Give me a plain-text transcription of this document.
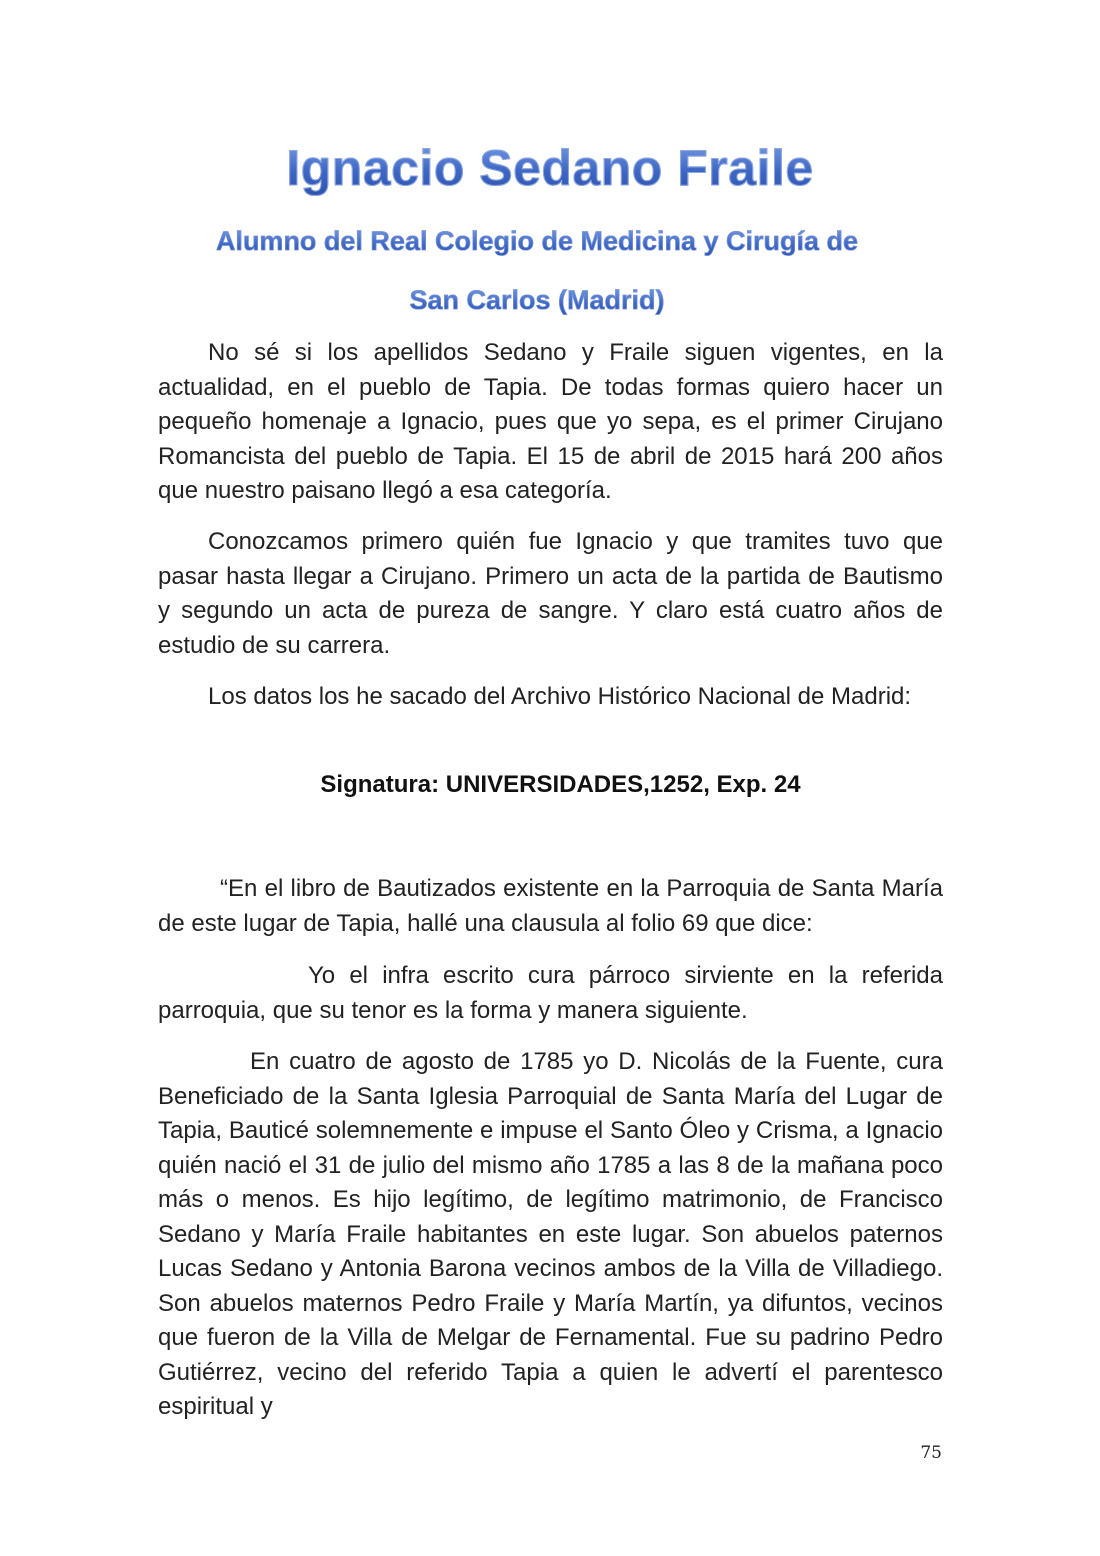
Ignacio Sedano Fraile
Alumno del Real Colegio de Medicina y Cirugía de
San Carlos (Madrid)

No sé si los apellidos Sedano y Fraile siguen vigentes, en la actualidad, en el pueblo de Tapia. De todas formas quiero hacer un pequeño homenaje a Ignacio, pues que yo sepa, es el primer Cirujano Romancista del pueblo de Tapia. El 15 de abril de 2015 hará 200 años que nuestro paisano llegó a esa categoría.

Conozcamos primero quién fue Ignacio y que tramites tuvo que pasar hasta llegar a Cirujano. Primero un acta de la partida de Bautismo y segundo un acta de pureza de sangre. Y claro está cuatro años de estudio de su carrera.

Los datos los he sacado del Archivo Histórico Nacional de Madrid:

Signatura: UNIVERSIDADES,1252, Exp. 24

“En el libro de Bautizados existente en la Parroquia de Santa María de este lugar de Tapia, hallé una clausula al folio 69 que dice:

Yo el infra escrito cura párroco sirviente en la referida parroquia, que su tenor es la forma y manera siguiente.

En cuatro de agosto de 1785 yo D. Nicolás de la Fuente, cura Beneficiado de la Santa Iglesia Parroquial de Santa María del Lugar de Tapia, Bauticé solemnemente e impuse el Santo Óleo y Crisma, a Ignacio quién nació el 31 de julio del mismo año 1785 a las 8 de la mañana poco más o menos. Es hijo legítimo, de legítimo matrimonio, de Francisco Sedano y María Fraile habitantes en este lugar. Son abuelos paternos Lucas Sedano y Antonia Barona vecinos ambos de la Villa de Villadiego. Son abuelos maternos Pedro Fraile y María Martín, ya difuntos, vecinos que fueron de la Villa de Melgar de Fernamental. Fue su padrino Pedro Gutiérrez, vecino del referido Tapia a quien le advertí el parentesco espiritual y

75
